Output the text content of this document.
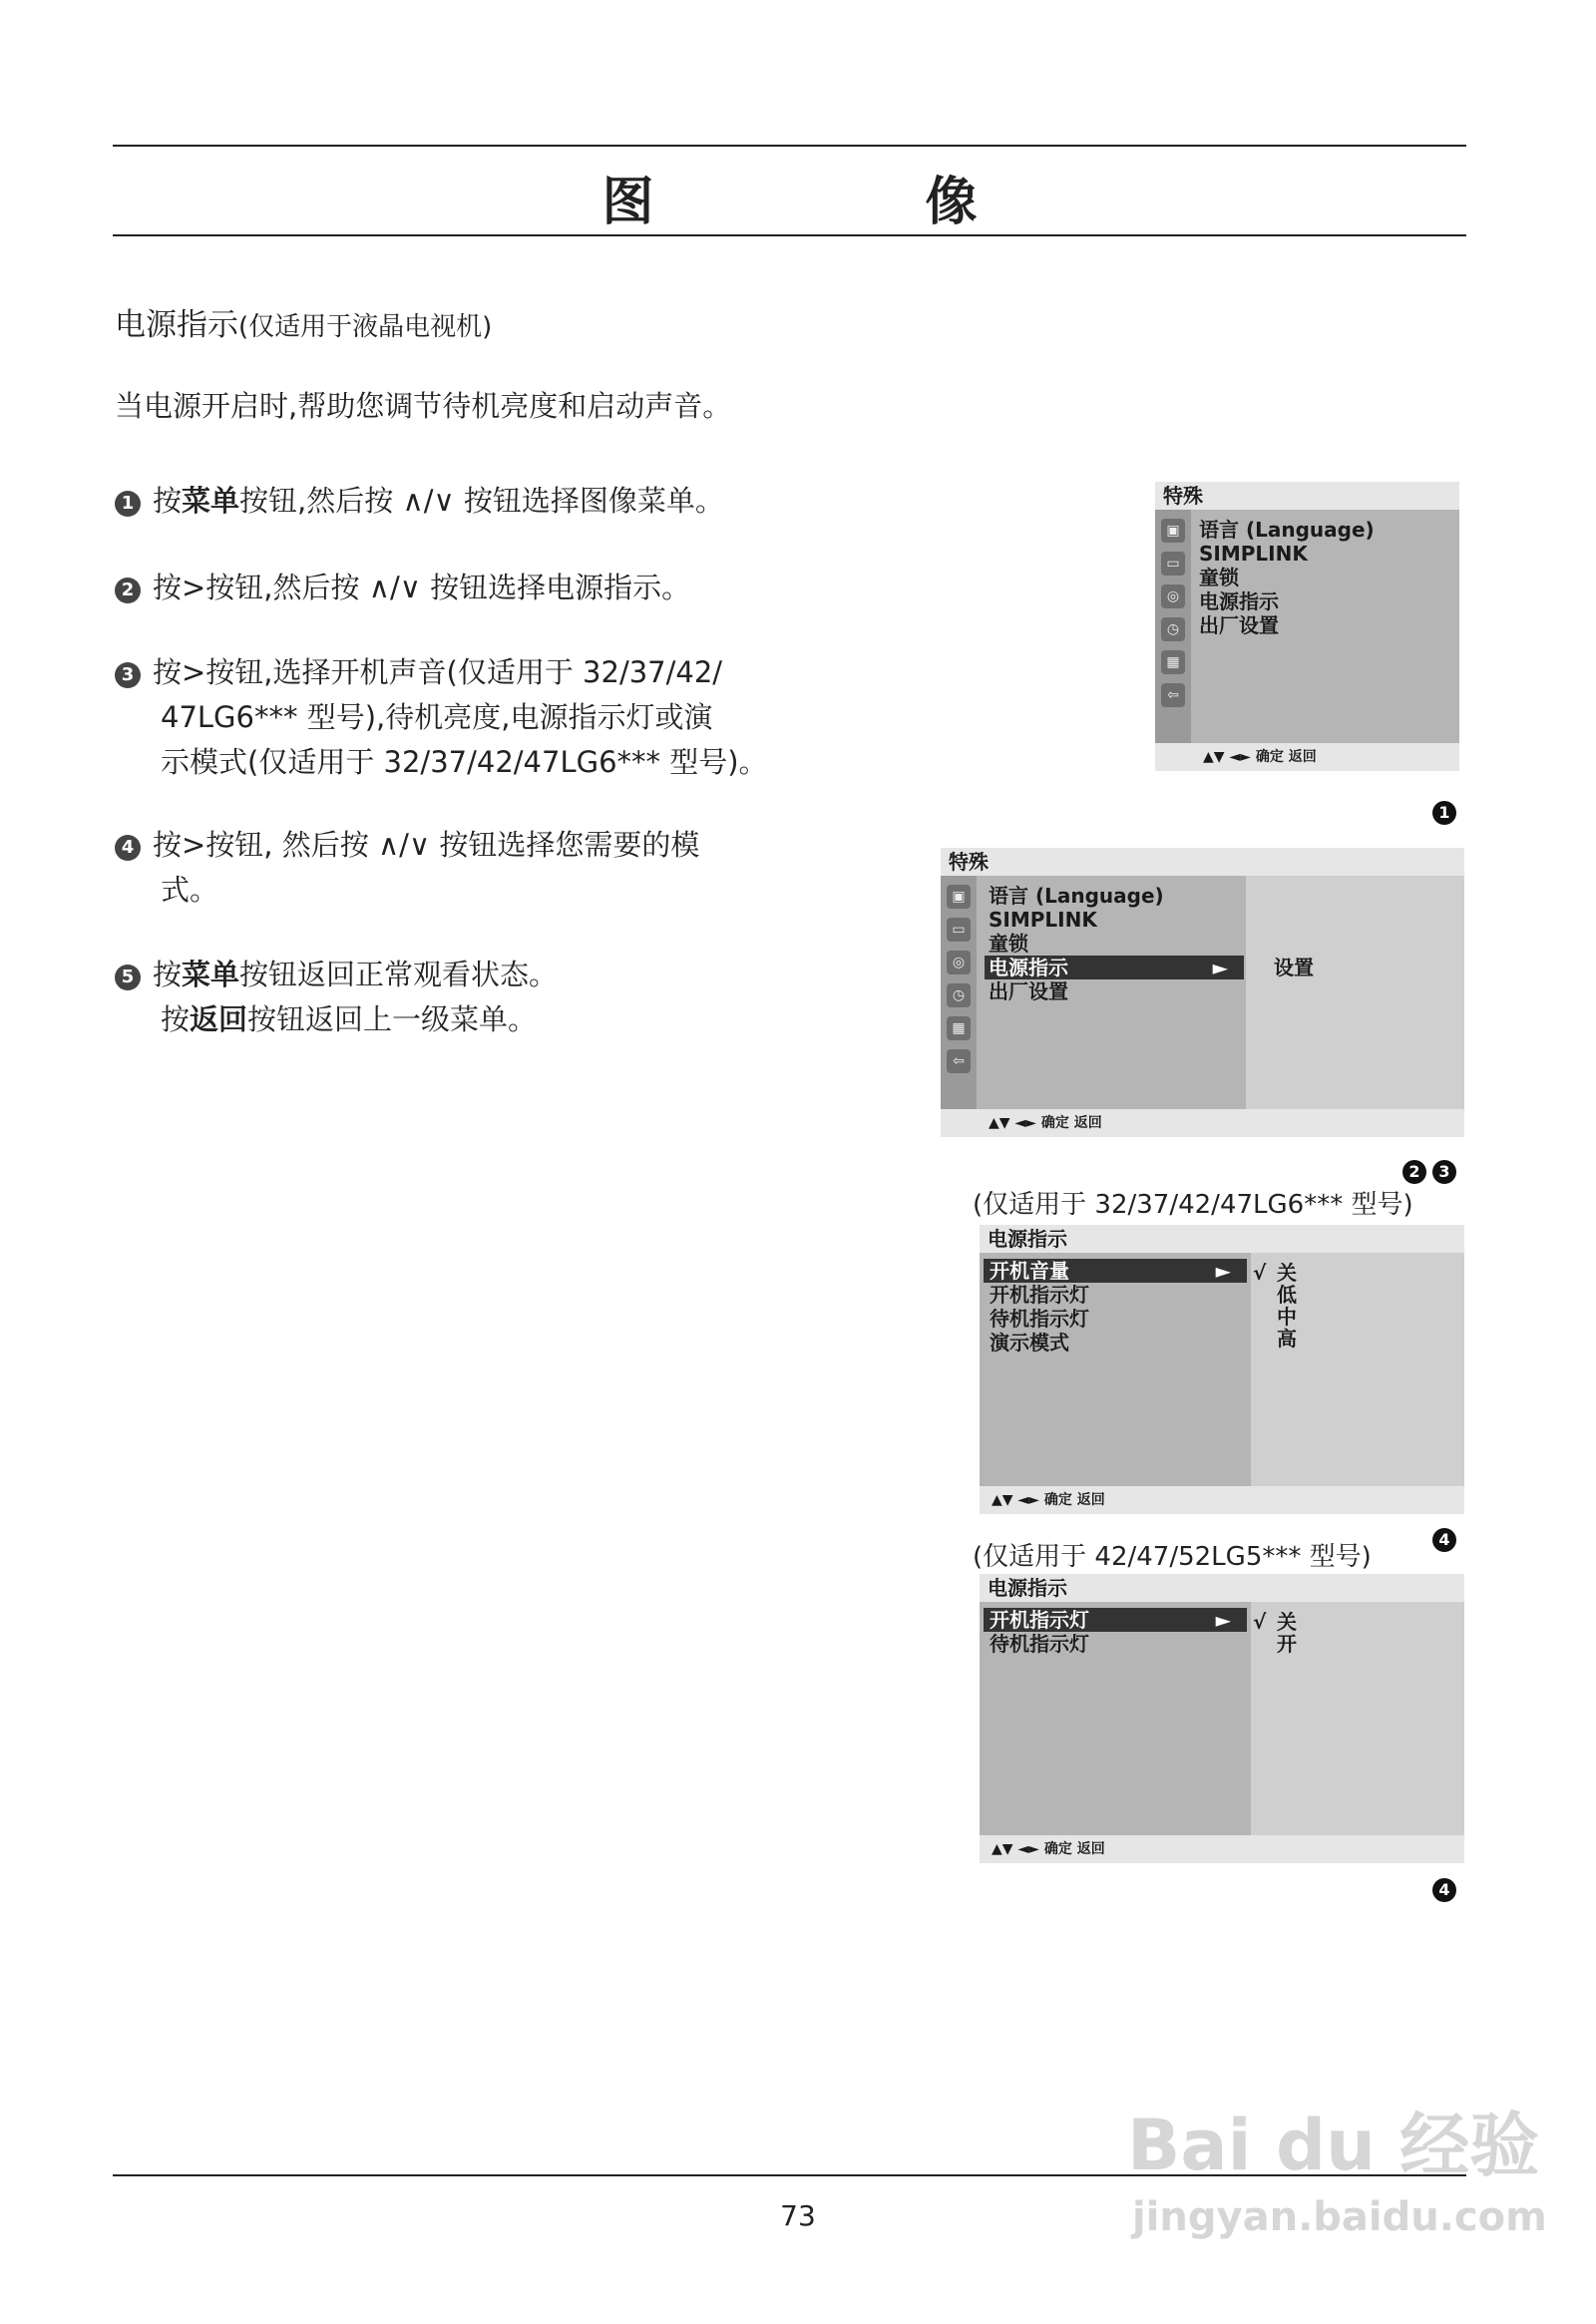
图　像
电源指示(仅适用于液晶电视机)
当电源开启时,帮助您调节待机亮度和启动声音。
1 按菜单按钮,然后按 ∧/∨ 按钮选择图像菜单。
2 按>按钮,然后按 ∧/∨ 按钮选择电源指示。
3 按>按钮,选择开机声音(仅适用于 32/37/42/
47LG6*** 型号),待机亮度,电源指示灯或演
示模式(仅适用于 32/37/42/47LG6*** 型号)。
4 按>按钮, 然后按 ∧/∨ 按钮选择您需要的模
式。
5 按菜单按钮返回正常观看状态。
按返回按钮返回上一级菜单。
特殊
▣
▭
◎
◷
▦
⇦
语言 (Language)
SIMPLINK
童锁
电源指示
出厂设置
▲▼ ◄► 确定 返回
1
特殊
▣
▭
◎
◷
▦
⇦
语言 (Language)
SIMPLINK
童锁
电源指示	►
出厂设置
设置
▲▼ ◄► 确定 返回
2	3
(仅适用于 32/37/42/47LG6*** 型号)
电源指示
开机音量	►
开机指示灯
待机指示灯
演示模式
√ 关
低
中
高
▲▼ ◄► 确定 返回
(仅适用于 42/47/52LG5*** 型号)
4
电源指示
开机指示灯	►
待机指示灯
√ 关
开
▲▼ ◄► 确定 返回
4
73
Bai du 经验
jingyan.baidu.com
